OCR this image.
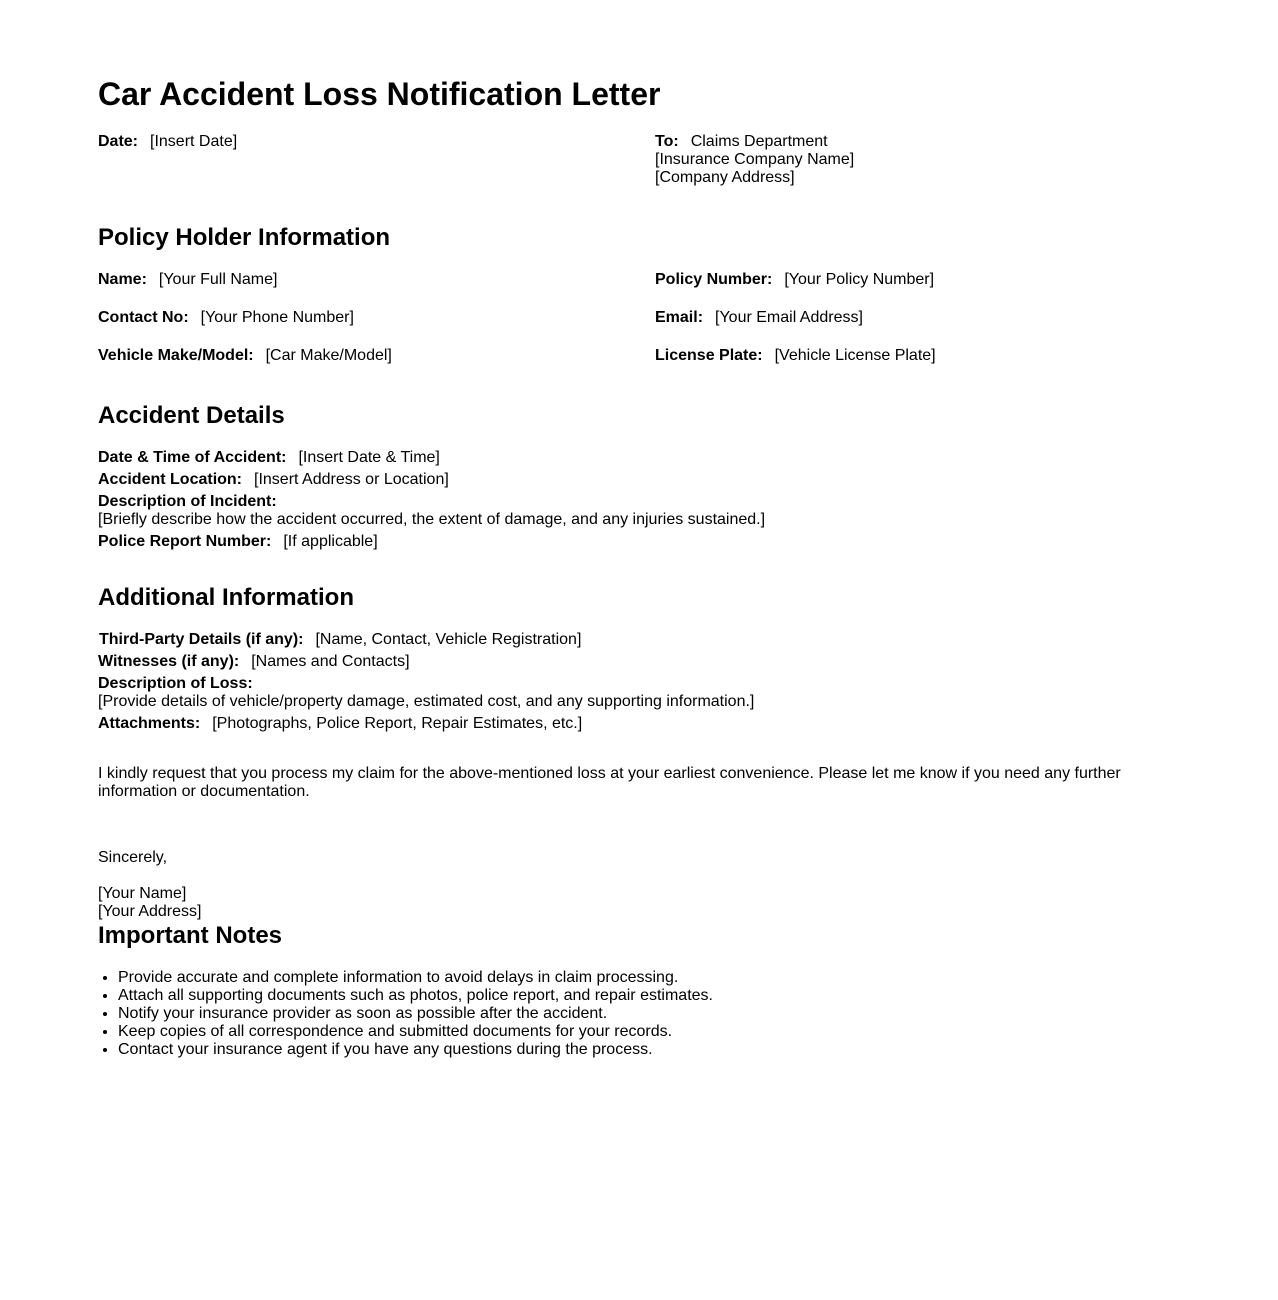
Car Accident Loss Notification Letter
Date: [Insert Date]	To: Claims Department
[Insurance Company Name]
[Company Address]
Policy Holder Information
Name: [Your Full Name]	Policy Number: [Your Policy Number]
Contact No: [Your Phone Number]	Email: [Your Email Address]
Vehicle Make/Model: [Car Make/Model]	License Plate: [Vehicle License Plate]
Accident Details
Date & Time of Accident: [Insert Date & Time]
Accident Location: [Insert Address or Location]
Description of Incident:
[Briefly describe how the accident occurred, the extent of damage, and any injuries sustained.]
Police Report Number: [If applicable]
Additional Information
Third-Party Details (if any): [Name, Contact, Vehicle Registration]
Witnesses (if any): [Names and Contacts]
Description of Loss:
[Provide details of vehicle/property damage, estimated cost, and any supporting information.]
Attachments: [Photographs, Police Report, Repair Estimates, etc.]
I kindly request that you process my claim for the above-mentioned loss at your earliest convenience. Please let me know if you need any further information or documentation.
Sincerely,
[Your Name]
[Your Address]
Important Notes
• Provide accurate and complete information to avoid delays in claim processing.
• Attach all supporting documents such as photos, police report, and repair estimates.
• Notify your insurance provider as soon as possible after the accident.
• Keep copies of all correspondence and submitted documents for your records.
• Contact your insurance agent if you have any questions during the process.
